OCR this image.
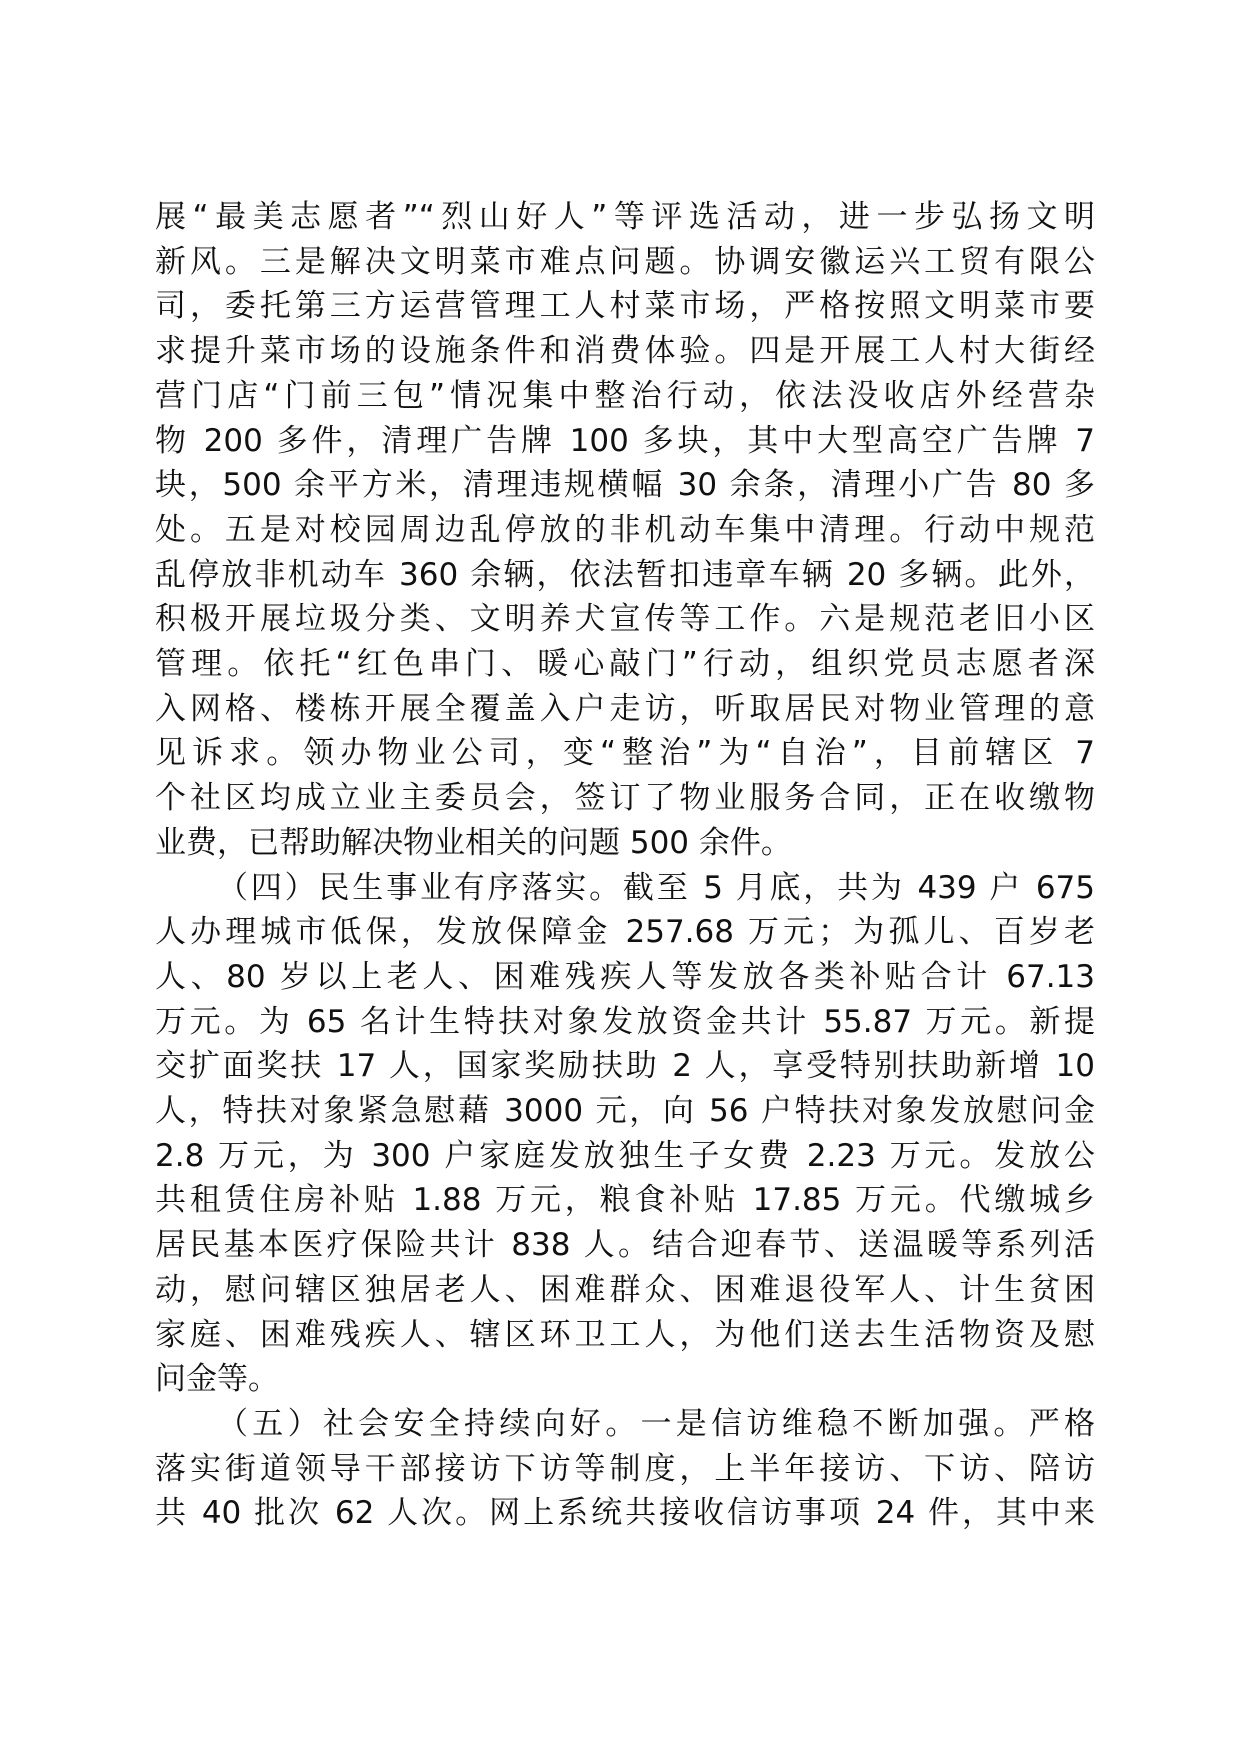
展“最美志愿者”“烈山好人”等评选活动，进一步弘扬文明
新风。三是解决文明菜市难点问题。协调安徽运兴工贸有限公
司，委托第三方运营管理工人村菜市场，严格按照文明菜市要
求提升菜市场的设施条件和消费体验。四是开展工人村大街经
营门店“门前三包”情况集中整治行动，依法没收店外经营杂
物 200 多件，清理广告牌 100 多块，其中大型高空广告牌 7
块，500 余平方米，清理违规横幅 30 余条，清理小广告 80 多
处。五是对校园周边乱停放的非机动车集中清理。行动中规范
乱停放非机动车 360 余辆，依法暂扣违章车辆 20 多辆。此外，
积极开展垃圾分类、文明养犬宣传等工作。六是规范老旧小区
管理。依托“红色串门、暖心敲门”行动，组织党员志愿者深
入网格、楼栋开展全覆盖入户走访，听取居民对物业管理的意
见诉求。领办物业公司，变“整治”为“自治”，目前辖区 7
个社区均成立业主委员会，签订了物业服务合同，正在收缴物
业费，已帮助解决物业相关的问题 500 余件。
（四）民生事业有序落实。截至 5 月底，共为 439 户 675
人办理城市低保，发放保障金 257.68 万元；为孤儿、百岁老
人、80 岁以上老人、困难残疾人等发放各类补贴合计 67.13
万元。为 65 名计生特扶对象发放资金共计 55.87 万元。新提
交扩面奖扶 17 人，国家奖励扶助 2 人，享受特别扶助新增 10
人，特扶对象紧急慰藉 3000 元，向 56 户特扶对象发放慰问金
2.8 万元，为 300 户家庭发放独生子女费 2.23 万元。发放公
共租赁住房补贴 1.88 万元，粮食补贴 17.85 万元。代缴城乡
居民基本医疗保险共计 838 人。结合迎春节、送温暖等系列活
动，慰问辖区独居老人、困难群众、困难退役军人、计生贫困
家庭、困难残疾人、辖区环卫工人，为他们送去生活物资及慰
问金等。
（五）社会安全持续向好。一是信访维稳不断加强。严格
落实街道领导干部接访下访等制度，上半年接访、下访、陪访
共 40 批次 62 人次。网上系统共接收信访事项 24 件，其中来
